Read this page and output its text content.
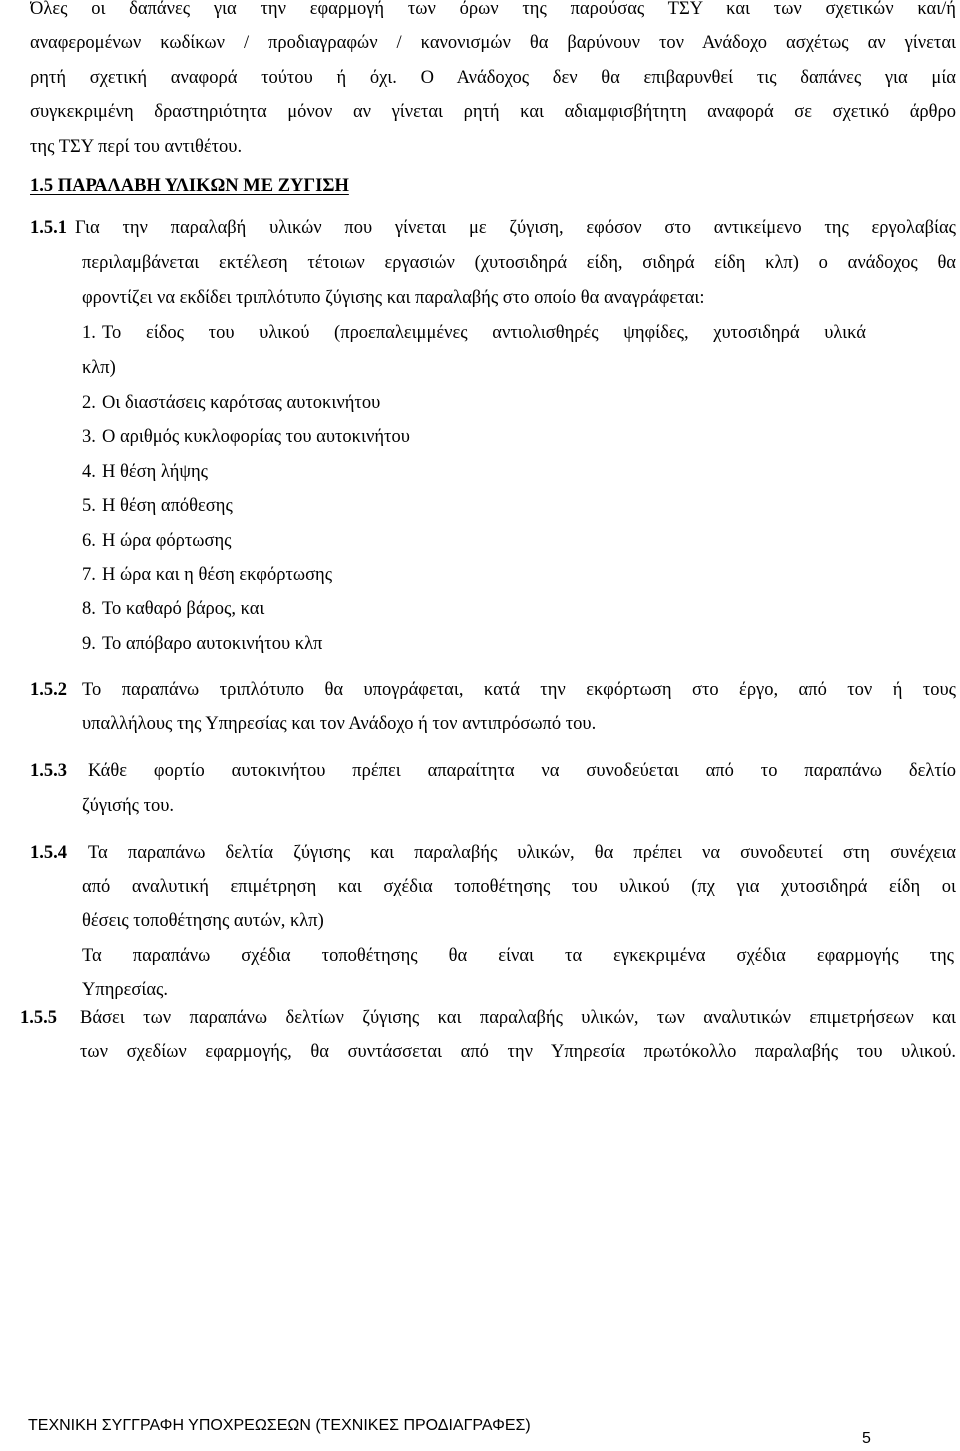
Όλες οι δαπάνες για την εφαρμογή των όρων της παρούσας ΤΣΥ και των σχετικών και/ή
αναφερομένων κωδίκων / προδιαγραφών / κανονισμών θα βαρύνουν τον Ανάδοχο ασχέτως αν γίνεται
ρητή σχετική αναφορά τούτου ή όχι. Ο Ανάδοχος δεν θα επιβαρυνθεί τις δαπάνες για μία
συγκεκριμένη δραστηριότητα μόνον αν γίνεται ρητή και αδιαμφισβήτητη αναφορά σε σχετικό άρθρο
της ΤΣΥ περί του αντιθέτου.
1.5 ΠΑΡΑΛΑΒΗ ΥΛΙΚΩΝ ΜΕ ΖΥΓΙΣΗ
1.5.1 Για την παραλαβή υλικών που γίνεται με ζύγιση, εφόσον στο αντικείμενο της εργολαβίας
περιλαμβάνεται εκτέλεση τέτοιων εργασιών (χυτοσιδηρά είδη, σιδηρά είδη κλπ) ο ανάδοχος θα
φροντίζει να εκδίδει τριπλότυπο ζύγισης και παραλαβής στο οποίο θα αναγράφεται:
1. Το είδος του υλικού (προεπαλειμμένες αντιολισθηρές ψηφίδες, χυτοσιδηρά υλικά
κλπ)
2. Οι διαστάσεις καρότσας αυτοκινήτου
3. Ο αριθμός κυκλοφορίας του αυτοκινήτου
4. Η θέση λήψης
5. Η θέση απόθεσης
6. Η ώρα φόρτωσης
7. Η ώρα και η θέση εκφόρτωσης
8. Το καθαρό βάρος, και
9. Το απόβαρο αυτοκινήτου κλπ
1.5.2 Το παραπάνω τριπλότυπο θα υπογράφεται, κατά την εκφόρτωση στο έργο, από τον ή τους
υπαλλήλους της Υπηρεσίας και τον Ανάδοχο ή τον αντιπρόσωπό του.
1.5.3 Κάθε φορτίο αυτοκινήτου πρέπει απαραίτητα να συνοδεύεται από το παραπάνω δελτίο
ζύγισής του.
1.5.4 Τα παραπάνω δελτία ζύγισης και παραλαβής υλικών, θα πρέπει να συνοδευτεί στη συνέχεια
από αναλυτική επιμέτρηση και σχέδια τοποθέτησης του υλικού (πχ για χυτοσιδηρά είδη οι
θέσεις τοποθέτησης αυτών, κλπ)
Τα παραπάνω σχέδια τοποθέτησης θα είναι τα εγκεκριμένα σχέδια εφαρμογής της
Υπηρεσίας.
1.5.5 Βάσει των παραπάνω δελτίων ζύγισης και παραλαβής υλικών, των αναλυτικών επιμετρήσεων και
των σχεδίων εφαρμογής, θα συντάσσεται από την Υπηρεσία πρωτόκολλο παραλαβής του υλικού.
ΤΕΧΝΙΚΗ ΣΥΓΓΡΑΦΗ ΥΠΟΧΡΕΩΣΕΩΝ (ΤΕΧΝΙΚΕΣ ΠΡΟΔΙΑΓΡΑΦΕΣ)
5
